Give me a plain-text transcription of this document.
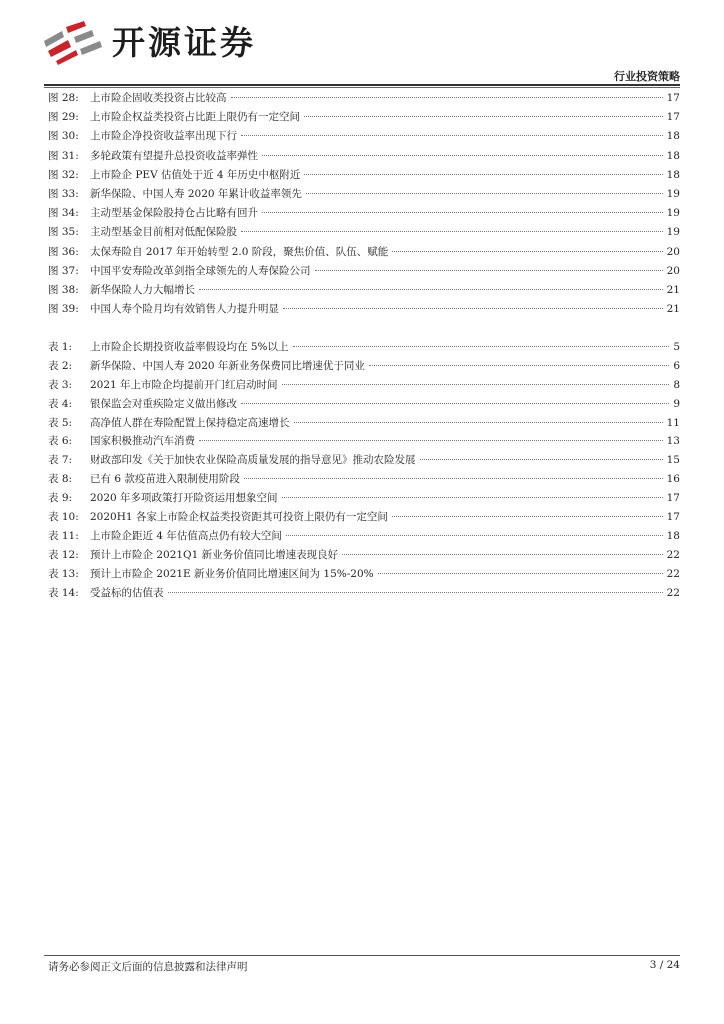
开源证券
行业投资策略
图 28:	上市险企固收类投资占比较高	17
图 29:	上市险企权益类投资占比距上限仍有一定空间	17
图 30:	上市险企净投资收益率出现下行	18
图 31:	多轮政策有望提升总投资收益率弹性	18
图 32:	上市险企 PEV 估值处于近 4 年历史中枢附近	18
图 33:	新华保险、中国人寿 2020 年累计收益率领先	19
图 34:	主动型基金保险股持仓占比略有回升	19
图 35:	主动型基金目前相对低配保险股	19
图 36:	太保寿险自 2017 年开始转型 2.0 阶段，聚焦价值、队伍、赋能	20
图 37:	中国平安寿险改革剑指全球领先的人寿保险公司	20
图 38:	新华保险人力大幅增长	21
图 39:	中国人寿个险月均有效销售人力提升明显	21
表 1:	上市险企长期投资收益率假设均在 5%以上	5
表 2:	新华保险、中国人寿 2020 年新业务保费同比增速优于同业	6
表 3:	2021 年上市险企均提前开门红启动时间	8
表 4:	银保监会对重疾险定义做出修改	9
表 5:	高净值人群在寿险配置上保持稳定高速增长	11
表 6:	国家积极推动汽车消费	13
表 7:	财政部印发《关于加快农业保险高质量发展的指导意见》推动农险发展	15
表 8:	已有 6 款疫苗进入限制使用阶段	16
表 9:	2020 年多项政策打开险资运用想象空间	17
表 10:	2020H1 各家上市险企权益类投资距其可投资上限仍有一定空间	17
表 11:	上市险企距近 4 年估值高点仍有较大空间	18
表 12:	预计上市险企 2021Q1 新业务价值同比增速表现良好	22
表 13:	预计上市险企 2021E 新业务价值同比增速区间为 15%-20%	22
表 14:	受益标的估值表	22
请务必参阅正文后面的信息披露和法律声明	3 / 24
